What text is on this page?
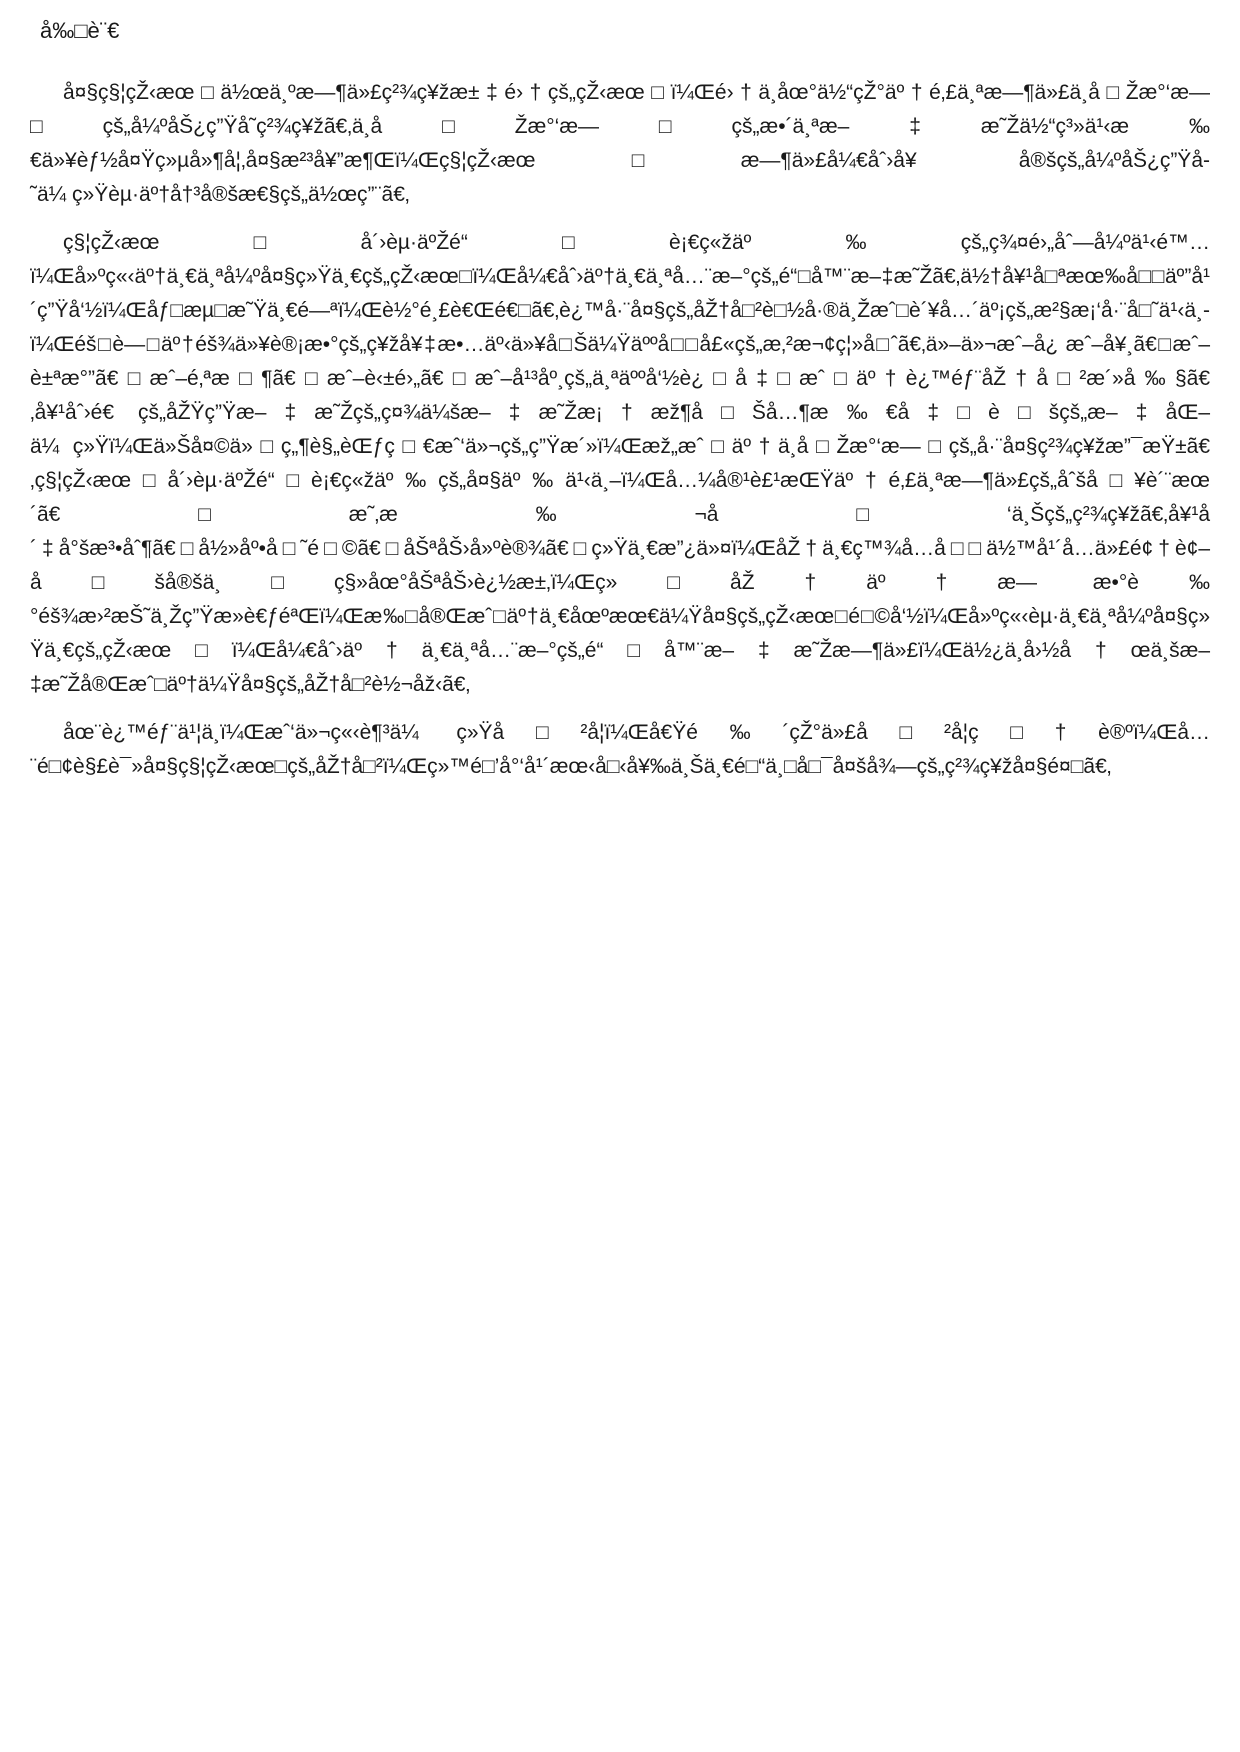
å‰□è¨€

å¤§ç§¦çŽ‹æœ□ä½œä¸ºæ—¶ä»£ç²¾ç¥žæ±‡é›†çš„çŽ‹æœ□ï¼Œé›†ä¸åœ°ä½“çŽ°äº†é‚£ä¸ªæ—¶ä»£ä¸å□Žæ°‘æ—□çš„å¼ºåŠ¿ç”Ÿå˜ç²¾ç¥žã€‚ä¸å□Žæ°‘æ—□çš„æ•´ä¸ªæ–‡æ˜Žä½“ç³»ä¹‹æ‰€ä»¥èƒ½å¤Ÿç»µå»¶å¦‚å¤§æ²³å¥”æ¶Œï¼Œç§¦çŽ‹æœ□æ—¶ä»£å¼€åˆ›å¥ å®šçš„å¼ºåŠ¿ç”Ÿå˜ä¼ ç»Ÿèµ·äº†å†³å®šæ€§çš„ä½œç”¨ã€‚

ç§¦çŽ‹æœ□å´›èµ·äºŽé“□è¡€ç«žäº‰çš„ç¾¤é›„åˆ—å¼ºä¹‹é™…ï¼Œå»ºç«‹äº†ä¸€ä¸ªå¼ºå¤§ç»Ÿä¸€çš„çŽ‹æœ□ï¼Œå¼€åˆ›äº†ä¸€ä¸ªå…¨æ–°çš„é“□å™¨æ–‡æ˜Žã€‚ä½†å¥¹å□ªæœ‰å□□äº”å¹´ç”Ÿå‘½ï¼Œåƒ□æµ□æ˜Ÿä¸€é—ªï¼Œè½°é¸£è€Œé€□ã€‚è¿™å·¨å¤§çš„åŽ†å□²è□½å·®ä¸Žæˆ□è´¥å…´äº¡çš„æ²§æ¡‘å·¨å□˜ä¹‹ä¸ï¼Œéš□è—□äº†éš¾ä»¥è®¡æ•°çš„ç¥žå¥‡æ•…äº‹ä»¥å□Šä¼Ÿäººå□□å£«çš„æ‚²æ¬¢ç¦»å□ˆã€‚ä»–ä»¬æˆ–å¿ æˆ–å¥¸ã€□æˆ–è±ªæ°”ã€□æˆ–é‚ªæ□¶ã€□æˆ–è‹±é›„ã€□æˆ–å¹³åº¸çš„ä¸ªäººå‘½è¿□å‡□æˆ□äº†è¿™éƒ¨åŽ†å□²æ´»å‰§ã€‚å¥¹åˆ›é€ çš„åŽŸç”Ÿæ–‡æ˜Žçš„ç¤¾ä¼šæ–‡æ˜Žæ¡†æž¶å□Šå…¶æ‰€å‡□è□šçš„æ–‡åŒ–ä¼ ç»Ÿï¼Œä»Šå¤©ä»□ç„¶è§„èŒƒç□€æˆ‘ä»¬çš„ç”Ÿæ´»ï¼Œæž„æˆ□äº†ä¸å□Žæ°‘æ—□çš„å·¨å¤§ç²¾ç¥žæ”¯æŸ±ã€‚ç§¦çŽ‹æœ□å´›èµ·äºŽé“□è¡€ç«žäº‰çš„å¤§äº‰ä¹‹ä¸–ï¼Œå…¼å®¹è£¹æŒŸäº†é‚£ä¸ªæ—¶ä»£çš„åˆšå□¥è´¨æœ´ã€□æ˜‚æ‰¬å□‘ä¸Šçš„ç²¾ç¥žã€‚å¥¹å´‡å°šæ³•åˆ¶ã€□å½»åº•å□˜é□©ã€□åŠªåŠ›å»ºè®¾ã€□ç»Ÿä¸€æ”¿ä»¤ï¼ŒåŽ†ä¸€ç™¾å…å□□ä½™å¹´å…ä»£é¢†è¢–å□šå®šä¸□ç§»åœ°åŠªåŠ›è¿½æ±‚ï¼Œç»□åŽ†äº†æ— æ•°è‰°éš¾æ›²æŠ˜ä¸Žç”Ÿæ»è€ƒéªŒï¼Œæ‰□å®Œæˆ□äº†ä¸€åœºæœ€ä¼Ÿå¤§çš„çŽ‹æœ□é□©å‘½ï¼Œå»ºç«‹èµ·ä¸€ä¸ªå¼ºå¤§ç»Ÿä¸€çš„çŽ‹æœ□ï¼Œå¼€åˆ›äº†ä¸€ä¸ªå…¨æ–°çš„é“□å™¨æ–‡æ˜Žæ—¶ä»£ï¼Œä½¿ä¸å›½å†œä¸šæ–‡æ˜Žå®Œæˆ□äº†ä¼Ÿå¤§çš„åŽ†å□²è½¬åž‹ã€‚

åœ¨è¿™éƒ¨ä¹¦ä¸ï¼Œæˆ‘ä»¬ç«‹è¶³ä¼ ç»Ÿå□²å¦ï¼Œå€Ÿé‰´çŽ°ä»£å□²å¦ç□†è®ºï¼Œå…¨é□¢è§£è¯»å¤§ç§¦çŽ‹æœ□çš„åŽ†å□²ï¼Œç»™é□’å°‘å¹´æœ‹å□‹å¥‰ä¸Šä¸€é□“ä¸□å□¯å¤šå¾—çš„ç²¾ç¥žå¤§é¤□ã€‚
